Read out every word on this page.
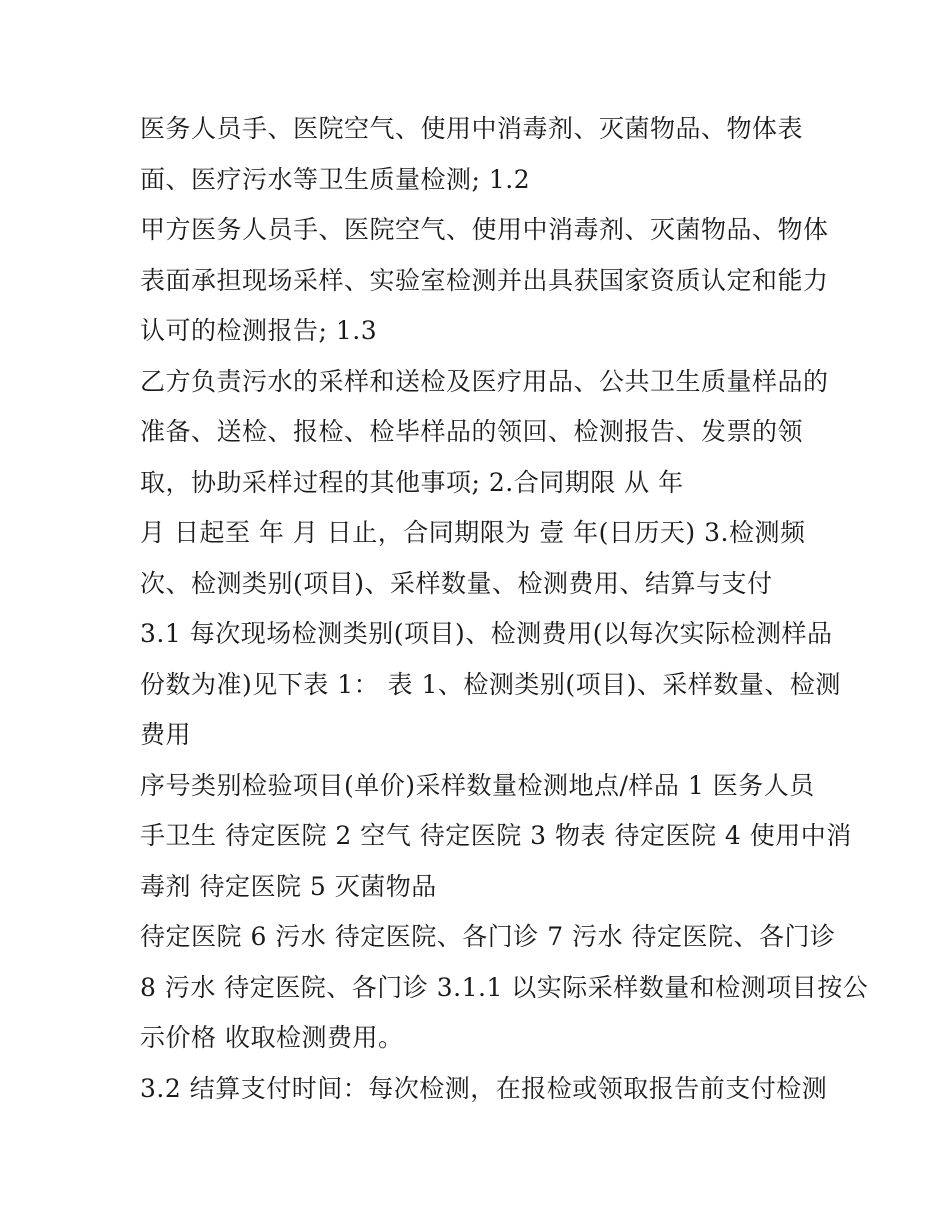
医务人员手、医院空气、使用中消毒剂、灭菌物品、物体表
面、医疗污水等卫生质量检测; 1.2
甲方医务人员手、医院空气、使用中消毒剂、灭菌物品、物体
表面承担现场采样、实验室检测并出具获国家资质认定和能力
认可的检测报告; 1.3
乙方负责污水的采样和送检及医疗用品、公共卫生质量样品的
准备、送检、报检、检毕样品的领回、检测报告、发票的领
取，协助采样过程的其他事项; 2.合同期限 从 年
月 日起至 年 月 日止，合同期限为 壹 年(日历天) 3.检测频
次、检测类别(项目)、采样数量、检测费用、结算与支付
3.1 每次现场检测类别(项目)、检测费用(以每次实际检测样品
份数为准)见下表 1： 表 1、检测类别(项目)、采样数量、检测
费用
序号类别检验项目(单价)采样数量检测地点/样品 1 医务人员
手卫生 待定医院 2 空气 待定医院 3 物表 待定医院 4 使用中消
毒剂 待定医院 5 灭菌物品
待定医院 6 污水 待定医院、各门诊 7 污水 待定医院、各门诊
8 污水 待定医院、各门诊 3.1.1 以实际采样数量和检测项目按公
示价格 收取检测费用。
3.2 结算支付时间：每次检测，在报检或领取报告前支付检测
